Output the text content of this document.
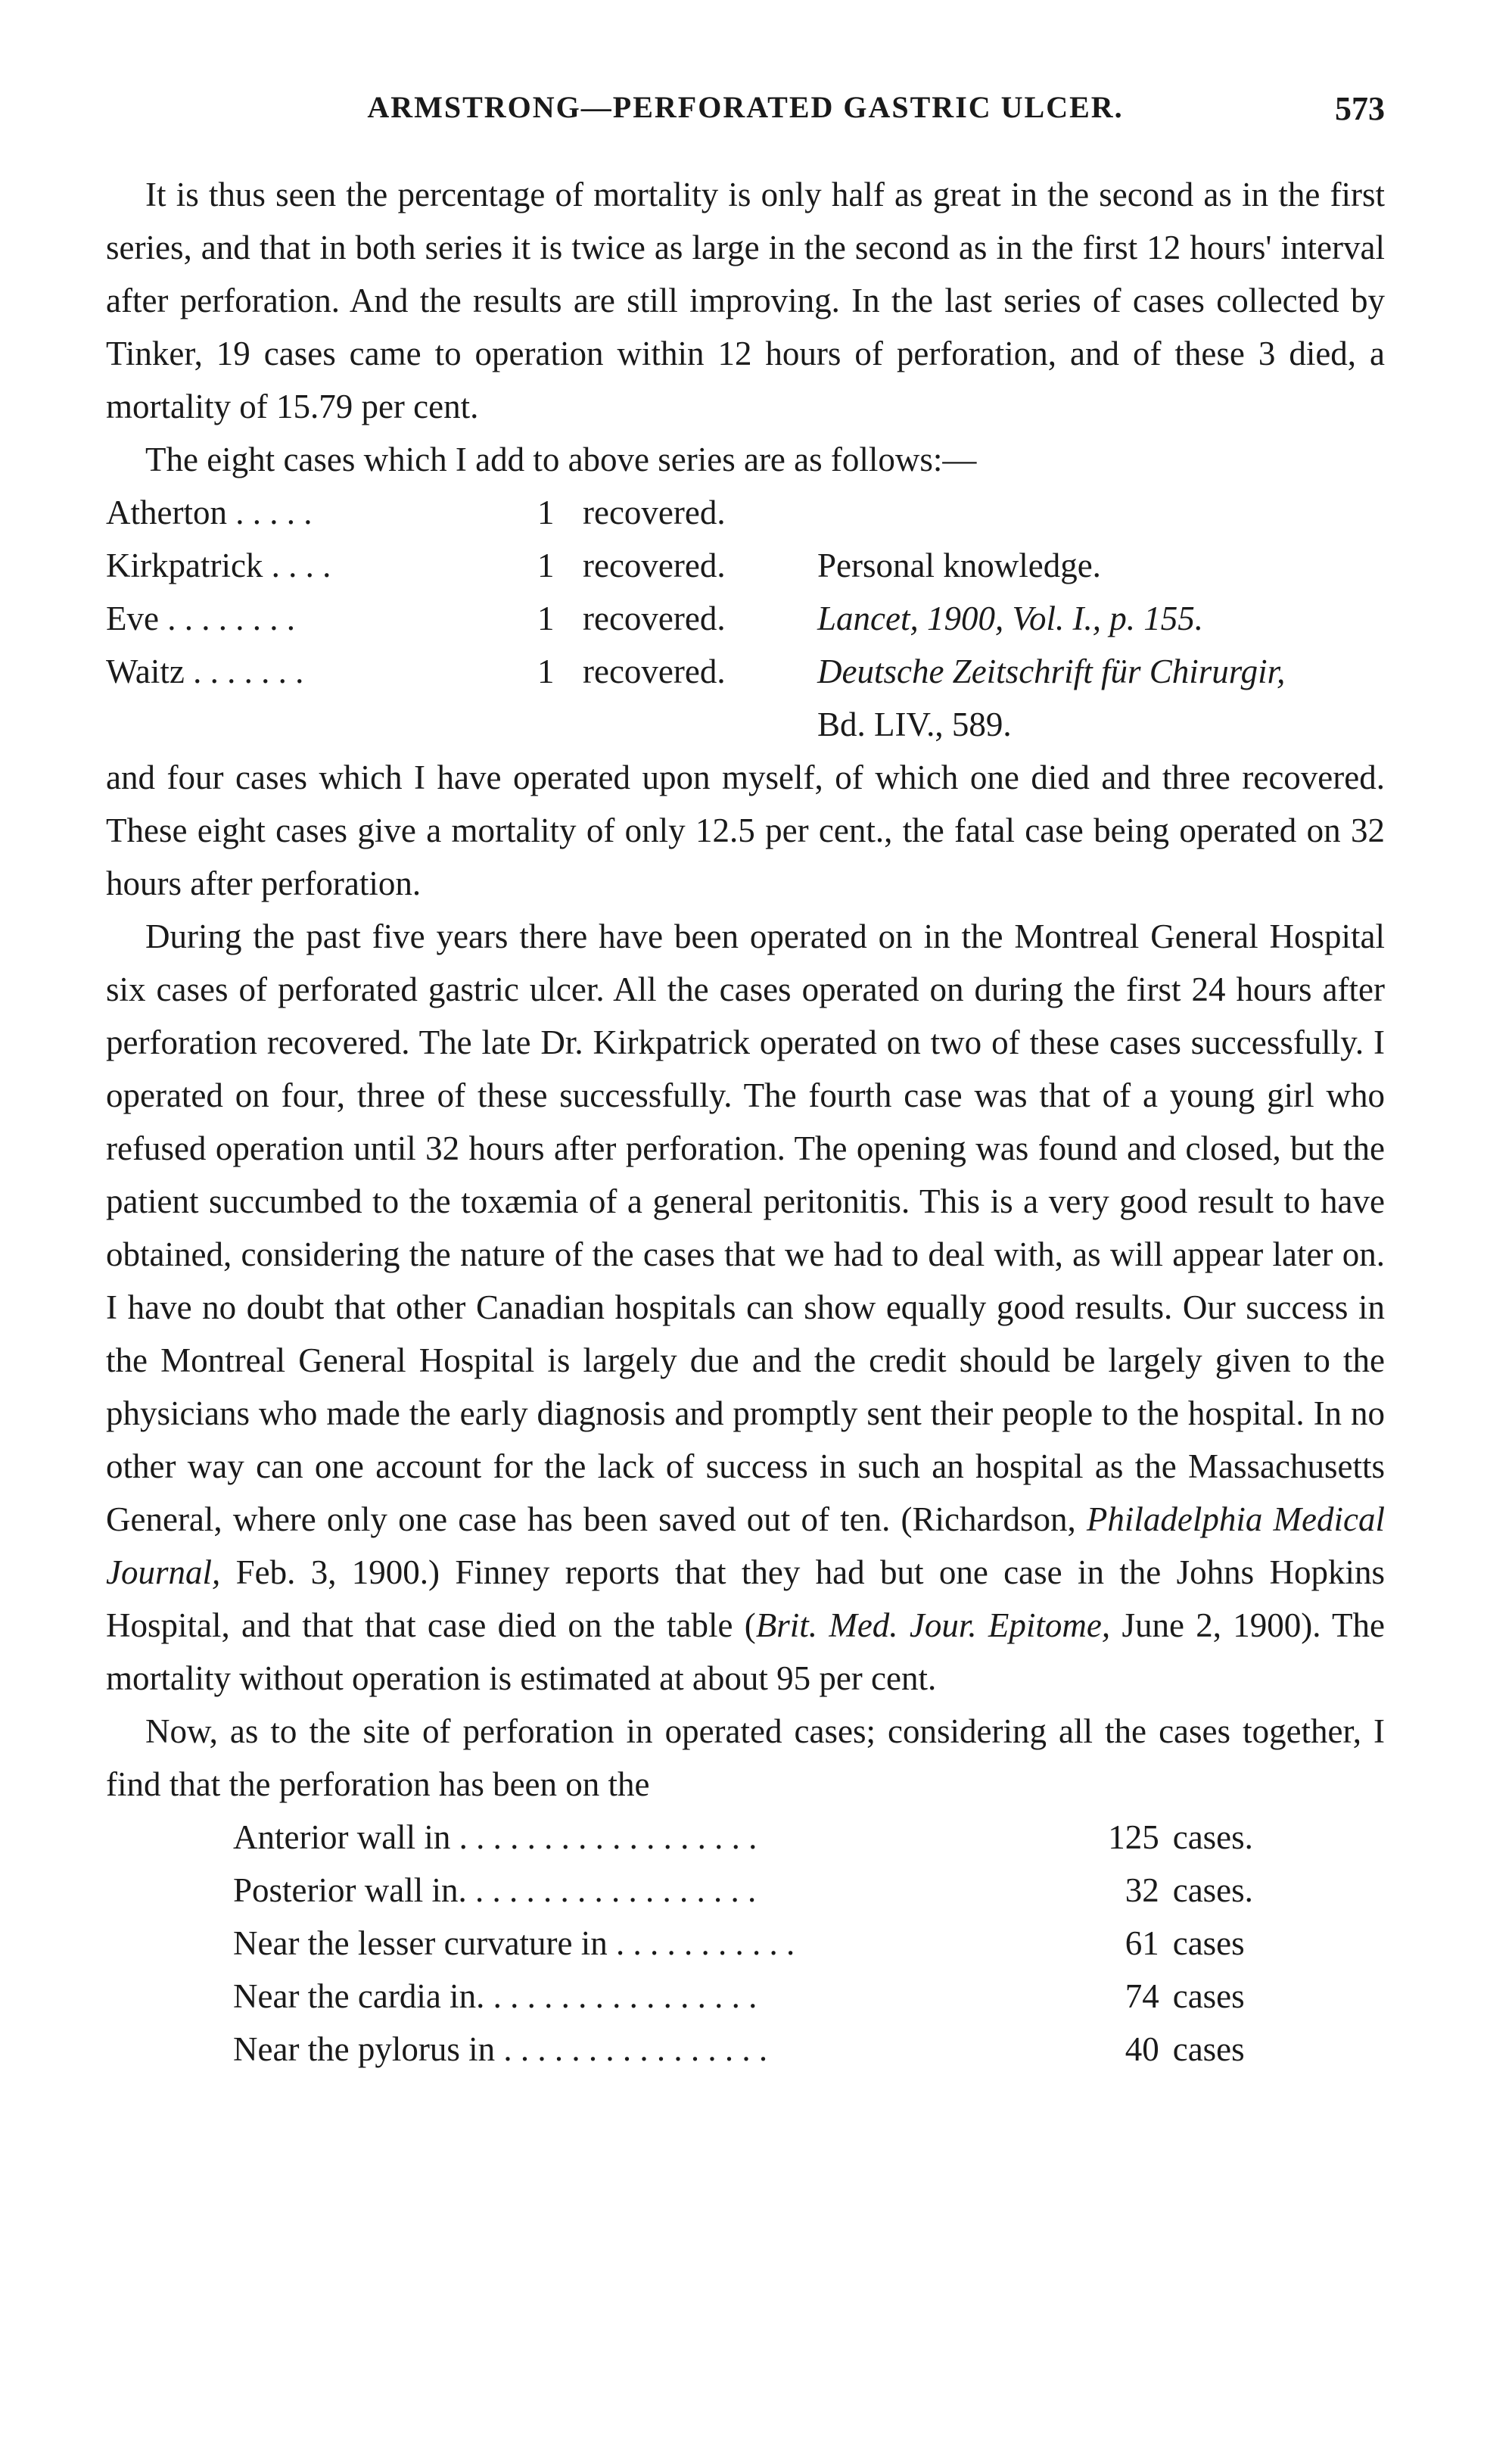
ARMSTRONG—PERFORATED GASTRIC ULCER.	573

It is thus seen the percentage of mortality is only half as great in the second as in the first series, and that in both series it is twice as large in the second as in the first 12 hours' interval after perforation. And the results are still improving. In the last series of cases collected by Tinker, 19 cases came to operation within 12 hours of perforation, and of these 3 died, a mortality of 15.79 per cent.

The eight cases which I add to above series are as follows:—

Atherton . . . . .	1 recovered.
Kirkpatrick . . . .	1 recovered.	Personal knowledge.
Eve . . . . . . . .	1 recovered.	Lancet, 1900, Vol. I., p. 155.
Waitz . . . . . . .	1 recovered.	Deutsche Zeitschrift für Chirurgir,
Bd. LIV., 589.

and four cases which I have operated upon myself, of which one died and three recovered. These eight cases give a mortality of only 12.5 per cent., the fatal case being operated on 32 hours after perforation.

During the past five years there have been operated on in the Montreal General Hospital six cases of perforated gastric ulcer. All the cases operated on during the first 24 hours after perforation recovered. The late Dr. Kirkpatrick operated on two of these cases successfully. I operated on four, three of these successfully. The fourth case was that of a young girl who refused operation until 32 hours after perforation. The opening was found and closed, but the patient succumbed to the toxæmia of a general peritonitis. This is a very good result to have obtained, considering the nature of the cases that we had to deal with, as will appear later on. I have no doubt that other Canadian hospitals can show equally good results. Our success in the Montreal General Hospital is largely due and the credit should be largely given to the physicians who made the early diagnosis and promptly sent their people to the hospital. In no other way can one account for the lack of success in such an hospital as the Massachusetts General, where only one case has been saved out of ten. (Richardson, Philadelphia Medical Journal, Feb. 3, 1900.) Finney reports that they had but one case in the Johns Hopkins Hospital, and that that case died on the table (Brit. Med. Jour. Epitome, June 2, 1900). The mortality without operation is estimated at about 95 per cent.

Now, as to the site of perforation in operated cases; considering all the cases together, I find that the perforation has been on the

Anterior wall in . . . . . . . . . . . . . . . . . .	125 cases.
Posterior wall in. . . . . . . . . . . . . . . . . .	32 cases.
Near the lesser curvature in . . . . . . . . . . .	61 cases
Near the cardia in. . . . . . . . . . . . . . . . .	74 cases
Near the pylorus in . . . . . . . . . . . . . . . .	40 cases
